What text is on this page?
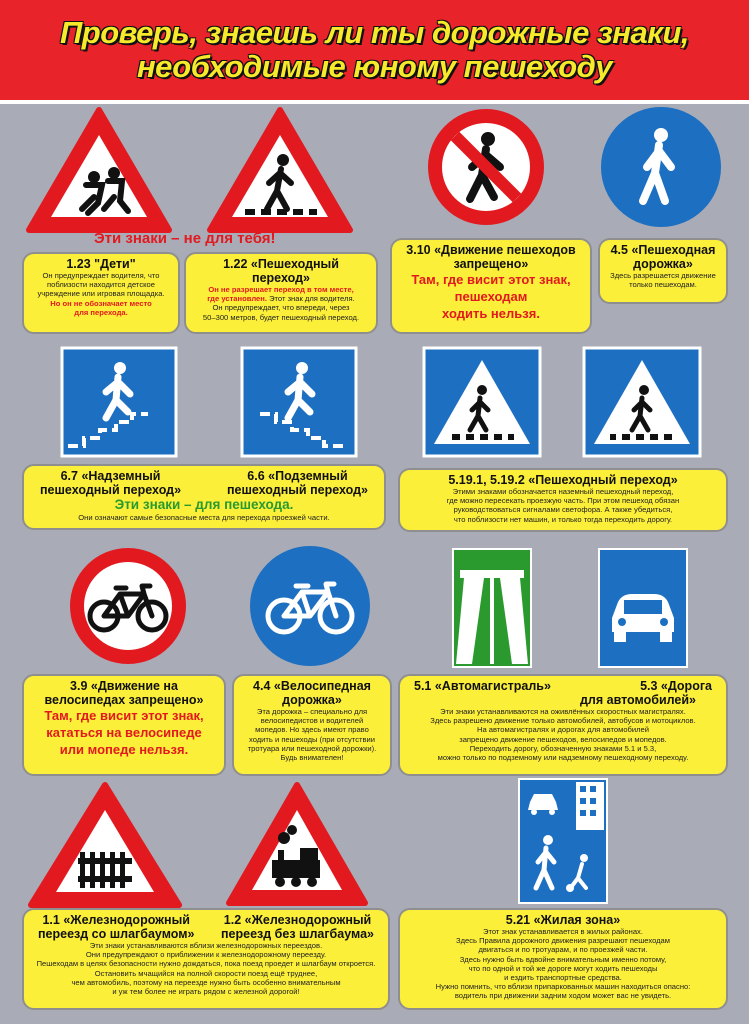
Проверь, знаешь ли ты дорожные знаки,
необходимые юному пешеходу
Эти знаки – не для тебя!
1.23 "Дети"
Он предупреждает водителя, что
поблизости находится детское
учреждение или игровая площадка.
Но он не обозначает место
для перехода.
1.22 «Пешеходный
переход»
Он не разрешает переход в том месте,
где установлен. Этот знак для водителя.
Он предупреждает, что впереди, через
50–300 метров, будет пешеходный переход.
3.10 «Движение пешеходов
запрещено»
Там, где висит этот знак,
пешеходам
ходить нельзя.
4.5 «Пешеходная
дорожка»
Здесь разрешается движение
только пешеходам.
6.7 «Надземный
пешеходный переход»
6.6 «Подземный
пешеходный переход»
Эти знаки – для пешехода.
Они означают самые безопасные места для перехода проезжей части.
5.19.1, 5.19.2 «Пешеходный переход»
Этими знаками обозначается наземный пешеходный переход,
где можно пересекать проезжую часть. При этом пешеход обязан
руководствоваться сигналами светофора. А также убедиться,
что поблизости нет машин, и только тогда переходить дорогу.
3.9 «Движение на
велосипедах запрещено»
Там, где висит этот знак,
кататься на велосипеде
или мопеде нельзя.
4.4 «Велосипедная
дорожка»
Эта дорожка – специально для
велосипедистов и водителей
мопедов. Но здесь имеют право
ходить и пешеходы (при отсутствии
тротуара или пешеходной дорожки).
Будь внимателен!
5.1 «Автомагистраль»	5.3 «Дорога
для автомобилей»
Эти знаки устанавливаются на оживлённых скоростных магистралях.
Здесь разрешено движение только автомобилей, автобусов и мотоциклов.
На автомагистралях и дорогах для автомобилей
запрещено движение пешеходов, велосипедов и мопедов.
Переходить дорогу, обозначенную знаками 5.1 и 5.3,
можно только по подземному или надземному пешеходному переходу.
1.1 «Железнодорожный
переезд со шлагбаумом»
1.2 «Железнодорожный
переезд без шлагбаума»
Эти знаки устанавливаются вблизи железнодорожных переездов.
Они предупреждают о приближении к железнодорожному переезду.
Пешеходам в целях безопасности нужно дождаться, пока поезд проедет и шлагбаум откроется.
Остановить мчащийся на полной скорости поезд ещё труднее,
чем автомобиль, поэтому на переезде нужно быть особенно внимательным
и уж тем более не играть рядом с железной дорогой!
5.21 «Жилая зона»
Этот знак устанавливается в жилых районах.
Здесь Правила дорожного движения разрешают пешеходам
двигаться и по тротуарам, и по проезжей части.
Здесь нужно быть вдвойне внимательным именно потому,
что по одной и той же дороге могут ходить пешеходы
и ездить транспортные средства.
Нужно помнить, что вблизи припаркованных машин находиться опасно:
водитель при движении задним ходом может вас не увидеть.
